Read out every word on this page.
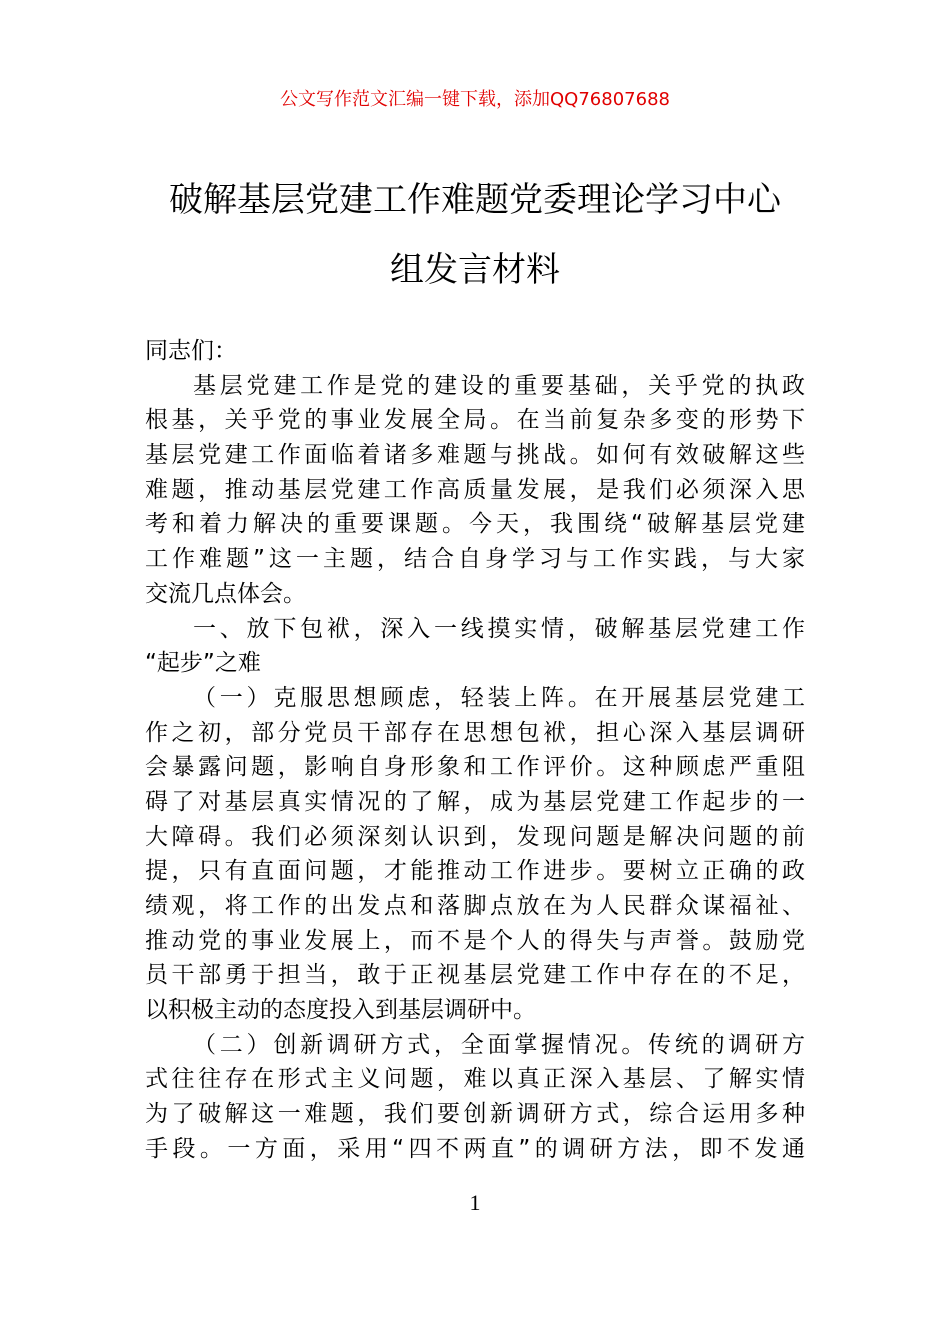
公文写作范文汇编一键下载，添加QQ76807688
破解基层党建工作难题党委理论学习中心
组发言材料
同志们：
基层党建工作是党的建设的重要基础，关乎党的执政
根基，关乎党的事业发展全局。在当前复杂多变的形势下
基层党建工作面临着诸多难题与挑战。如何有效破解这些
难题，推动基层党建工作高质量发展，是我们必须深入思
考和着力解决的重要课题。今天，我围绕“破解基层党建
工作难题”这一主题，结合自身学习与工作实践，与大家
交流几点体会。
一、放下包袱，深入一线摸实情，破解基层党建工作
“起步”之难
（一）克服思想顾虑，轻装上阵。在开展基层党建工
作之初，部分党员干部存在思想包袱，担心深入基层调研
会暴露问题，影响自身形象和工作评价。这种顾虑严重阻
碍了对基层真实情况的了解，成为基层党建工作起步的一
大障碍。我们必须深刻认识到，发现问题是解决问题的前
提，只有直面问题，才能推动工作进步。要树立正确的政
绩观，将工作的出发点和落脚点放在为人民群众谋福祉、
推动党的事业发展上，而不是个人的得失与声誉。鼓励党
员干部勇于担当，敢于正视基层党建工作中存在的不足，
以积极主动的态度投入到基层调研中。
（二）创新调研方式，全面掌握情况。传统的调研方
式往往存在形式主义问题，难以真正深入基层、了解实情
为了破解这一难题，我们要创新调研方式，综合运用多种
手段。一方面，采用“四不两直”的调研方法，即不发通
1
